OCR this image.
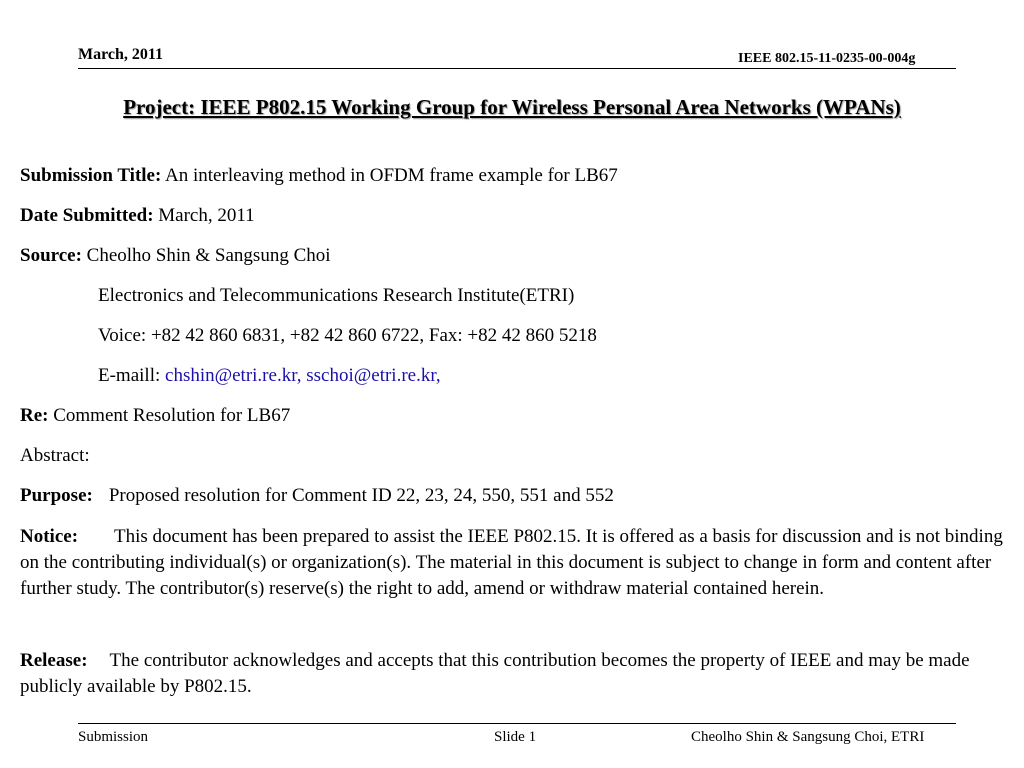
March, 2011	IEEE 802.15-11-0235-00-004g
Project: IEEE P802.15 Working Group for Wireless Personal Area Networks (WPANs)
Submission Title: An interleaving method in OFDM frame example for LB67
Date Submitted: March, 2011
Source: Cheolho Shin & Sangsung Choi
Electronics and Telecommunications Research Institute(ETRI)
Voice: +82 42 860 6831, +82 42 860 6722, Fax: +82 42 860 5218
E-maill: chshin@etri.re.kr, sschoi@etri.re.kr,
Re: Comment Resolution for LB67
Abstract:
Purpose: Proposed resolution for Comment ID 22, 23, 24, 550, 551 and 552
Notice: This document has been prepared to assist the IEEE P802.15. It is offered as a basis for discussion and is not binding on the contributing individual(s) or organization(s). The material in this document is subject to change in form and content after further study. The contributor(s) reserve(s) the right to add, amend or withdraw material contained herein.
Release: The contributor acknowledges and accepts that this contribution becomes the property of IEEE and may be made publicly available by P802.15.
Submission	Slide 1	Cheolho Shin & Sangsung Choi, ETRI
